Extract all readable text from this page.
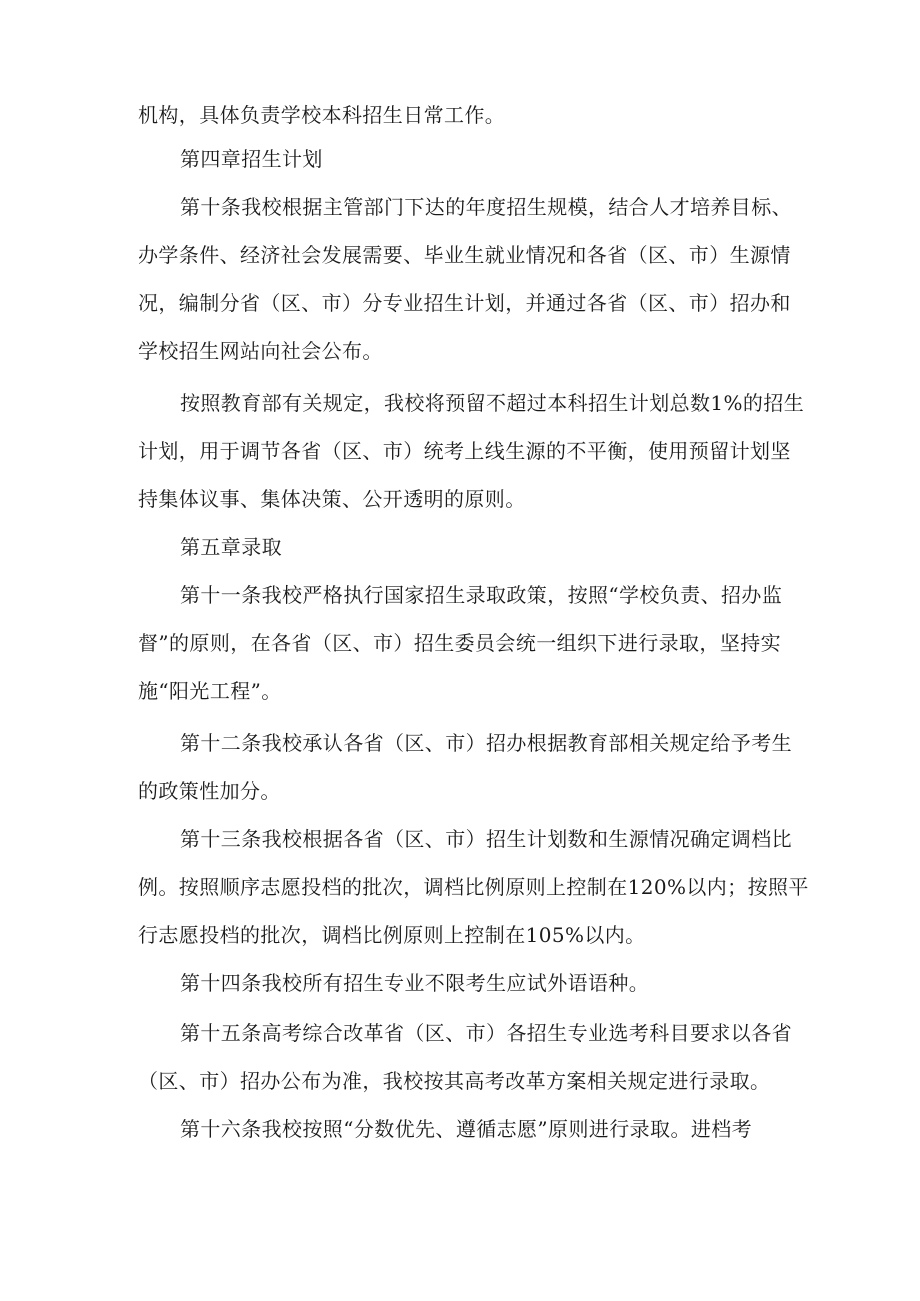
机构，具体负责学校本科招生日常工作。
第四章招生计划
第十条我校根据主管部门下达的年度招生规模，结合人才培养目标、
办学条件、经济社会发展需要、毕业生就业情况和各省（区、市）生源情
况，编制分省（区、市）分专业招生计划，并通过各省（区、市）招办和
学校招生网站向社会公布。
按照教育部有关规定，我校将预留不超过本科招生计划总数1%的招生
计划，用于调节各省（区、市）统考上线生源的不平衡，使用预留计划坚
持集体议事、集体决策、公开透明的原则。
第五章录取
第十一条我校严格执行国家招生录取政策，按照“学校负责、招办监
督”的原则，在各省（区、市）招生委员会统一组织下进行录取，坚持实
施“阳光工程”。
第十二条我校承认各省（区、市）招办根据教育部相关规定给予考生
的政策性加分。
第十三条我校根据各省（区、市）招生计划数和生源情况确定调档比
例。按照顺序志愿投档的批次，调档比例原则上控制在120%以内；按照平
行志愿投档的批次，调档比例原则上控制在105%以内。
第十四条我校所有招生专业不限考生应试外语语种。
第十五条高考综合改革省（区、市）各招生专业选考科目要求以各省
（区、市）招办公布为准，我校按其高考改革方案相关规定进行录取。
第十六条我校按照“分数优先、遵循志愿”原则进行录取。进档考
